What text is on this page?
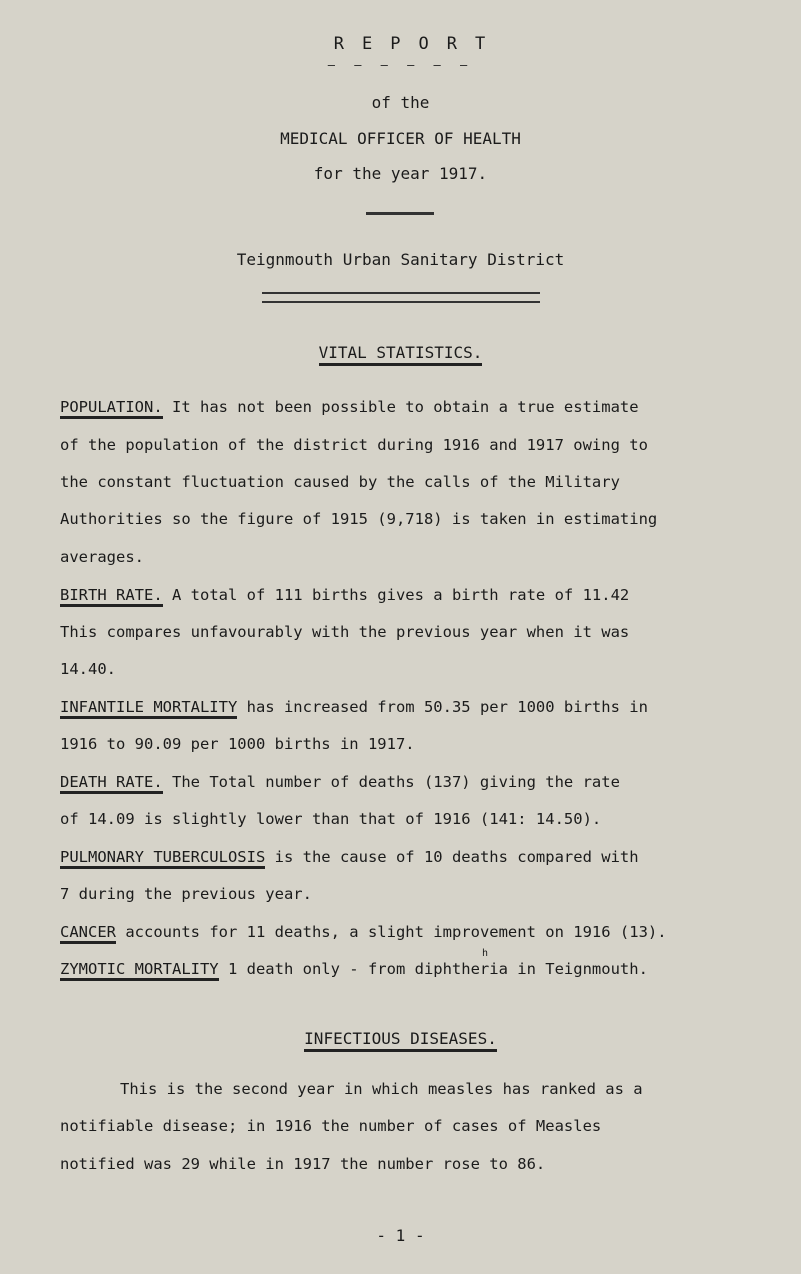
REPORT
— — — — — —
of the
MEDICAL OFFICER OF HEALTH
for the year 1917.
Teignmouth Urban Sanitary District
VITAL STATISTICS.
POPULATION. It has not been possible to obtain a true estimate
of the population of the district during 1916 and 1917 owing to
the constant fluctuation caused by the calls of the Military
Authorities so the figure of 1915 (9,718) is taken in estimating
averages.
BIRTH RATE. A total of 111 births gives a birth rate of 11.42
This compares unfavourably with the previous year when it was
14.40.
INFANTILE MORTALITY has increased from 50.35 per 1000 births in
1916 to 90.09 per 1000 births in 1917.
DEATH RATE. The Total number of deaths (137) giving the rate
of 14.09 is slightly lower than that of 1916 (141: 14.50).
PULMONARY TUBERCULOSIS is the cause of 10 deaths compared with
7 during the previous year.
CANCER accounts for 11 deaths, a slight improvement on 1916 (13).
h
ZYMOTIC MORTALITY 1 death only - from diphtheria in Teignmouth.
INFECTIOUS DISEASES.
This is the second year in which measles has ranked as a
notifiable disease; in 1916 the number of cases of Measles
notified was 29 while in 1917 the number rose to 86.
- 1 -
